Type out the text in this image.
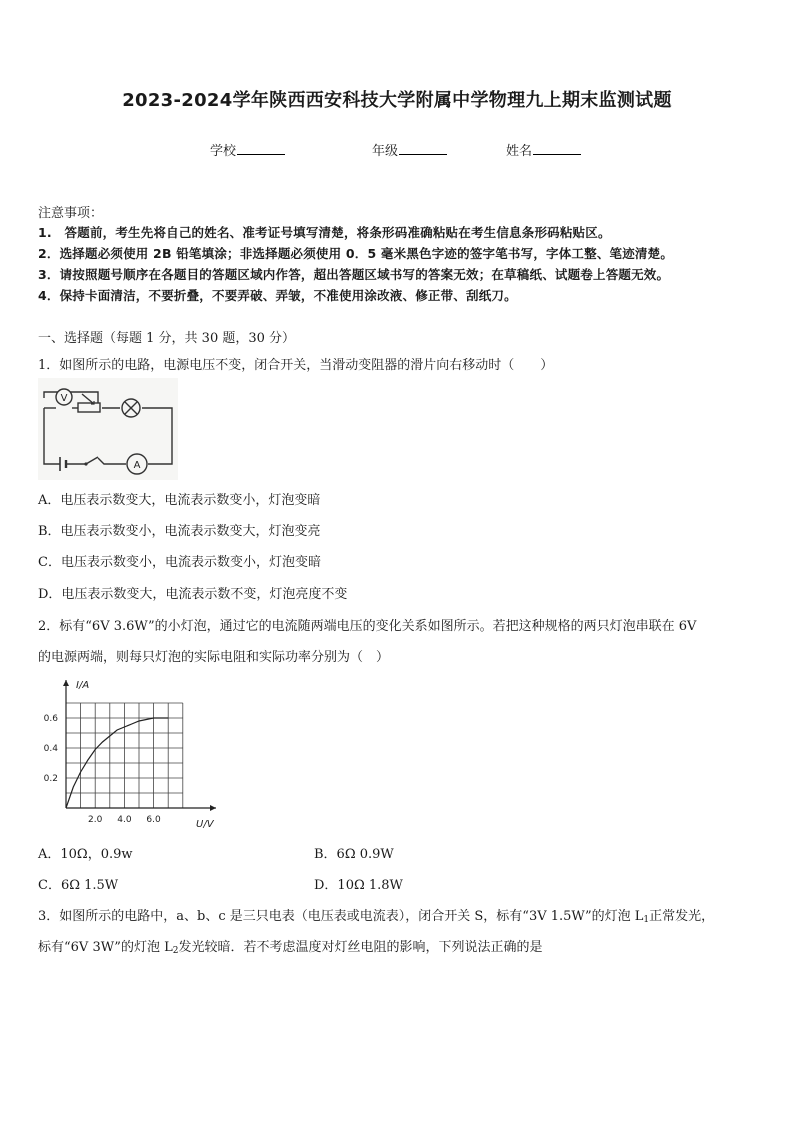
2023-2024学年陕西西安科技大学附属中学物理九上期末监测试题
学校	年级	姓名
注意事项：
1.　答题前，考生先将自己的姓名、准考证号填写清楚，将条形码准确粘贴在考生信息条形码粘贴区。
2．选择题必须使用 2B 铅笔填涂；非选择题必须使用 0．5 毫米黑色字迹的签字笔书写，字体工整、笔迹清楚。
3．请按照题号顺序在各题目的答题区域内作答，超出答题区域书写的答案无效；在草稿纸、试题卷上答题无效。
4．保持卡面清洁，不要折叠，不要弄破、弄皱，不准使用涂改液、修正带、刮纸刀。
一、选择题（每题 1 分，共 30 题，30 分）
1．如图所示的电路，电源电压不变，闭合开关，当滑动变阻器的滑片向右移动时（　　）
V
A
A．电压表示数变大，电流表示数变小，灯泡变暗
B．电压表示数变小，电流表示数变大，灯泡变亮
C．电压表示数变小，电流表示数变小，灯泡变暗
D．电压表示数变大，电流表示数不变，灯泡亮度不变
2．标有“6V 3.6W”的小灯泡，通过它的电流随两端电压的变化关系如图所示。若把这种规格的两只灯泡串联在 6V
的电源两端，则每只灯泡的实际电阻和实际功率分别为（　）
I/A
U/V
2.0 4.0 6.0
0.2
0.4
0.6
A．10Ω，0.9w	B．6Ω 0.9W
C．6Ω 1.5W	D．10Ω 1.8W
3．如图所示的电路中，a、b、c 是三只电表（电压表或电流表），闭合开关 S，标有“3V 1.5W”的灯泡 $L_1$正常发光，
标有“6V 3W”的灯泡 $L_2$发光较暗．若不考虑温度对灯丝电阻的影响，下列说法正确的是
